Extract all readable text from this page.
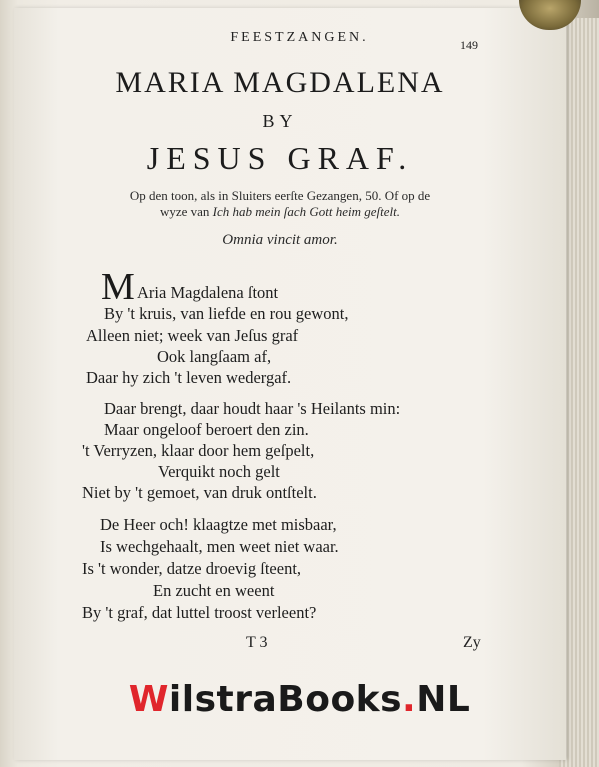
FEESTZANGEN.	149
MARIA MAGDALENA
BY
JESUS GRAF.
Op den toon, als in Sluiters eerſte Gezangen, 50. Of op de
wyze van Ich hab mein ſach Gott heim geſtelt.
Omnia vincit amor.
M Aria Magdalena ſtont
By 't kruis, van liefde en rou gewont,
Alleen niet; week van Jeſus graf
Ook langſaam af,
Daar hy zich 't leven wedergaf.
Daar brengt, daar houdt haar 's Heilants min:
Maar ongeloof beroert den zin.
't Verryzen, klaar door hem geſpelt,
Verquikt noch gelt
Niet by 't gemoet, van druk ontſtelt.
De Heer och! klaagtze met misbaar,
Is wechgehaalt, men weet niet waar.
Is 't wonder, datze droevig ſteent,
En zucht en weent
By 't graf, dat luttel troost verleent?
T 3	Zy
WilstraBooks.NL
